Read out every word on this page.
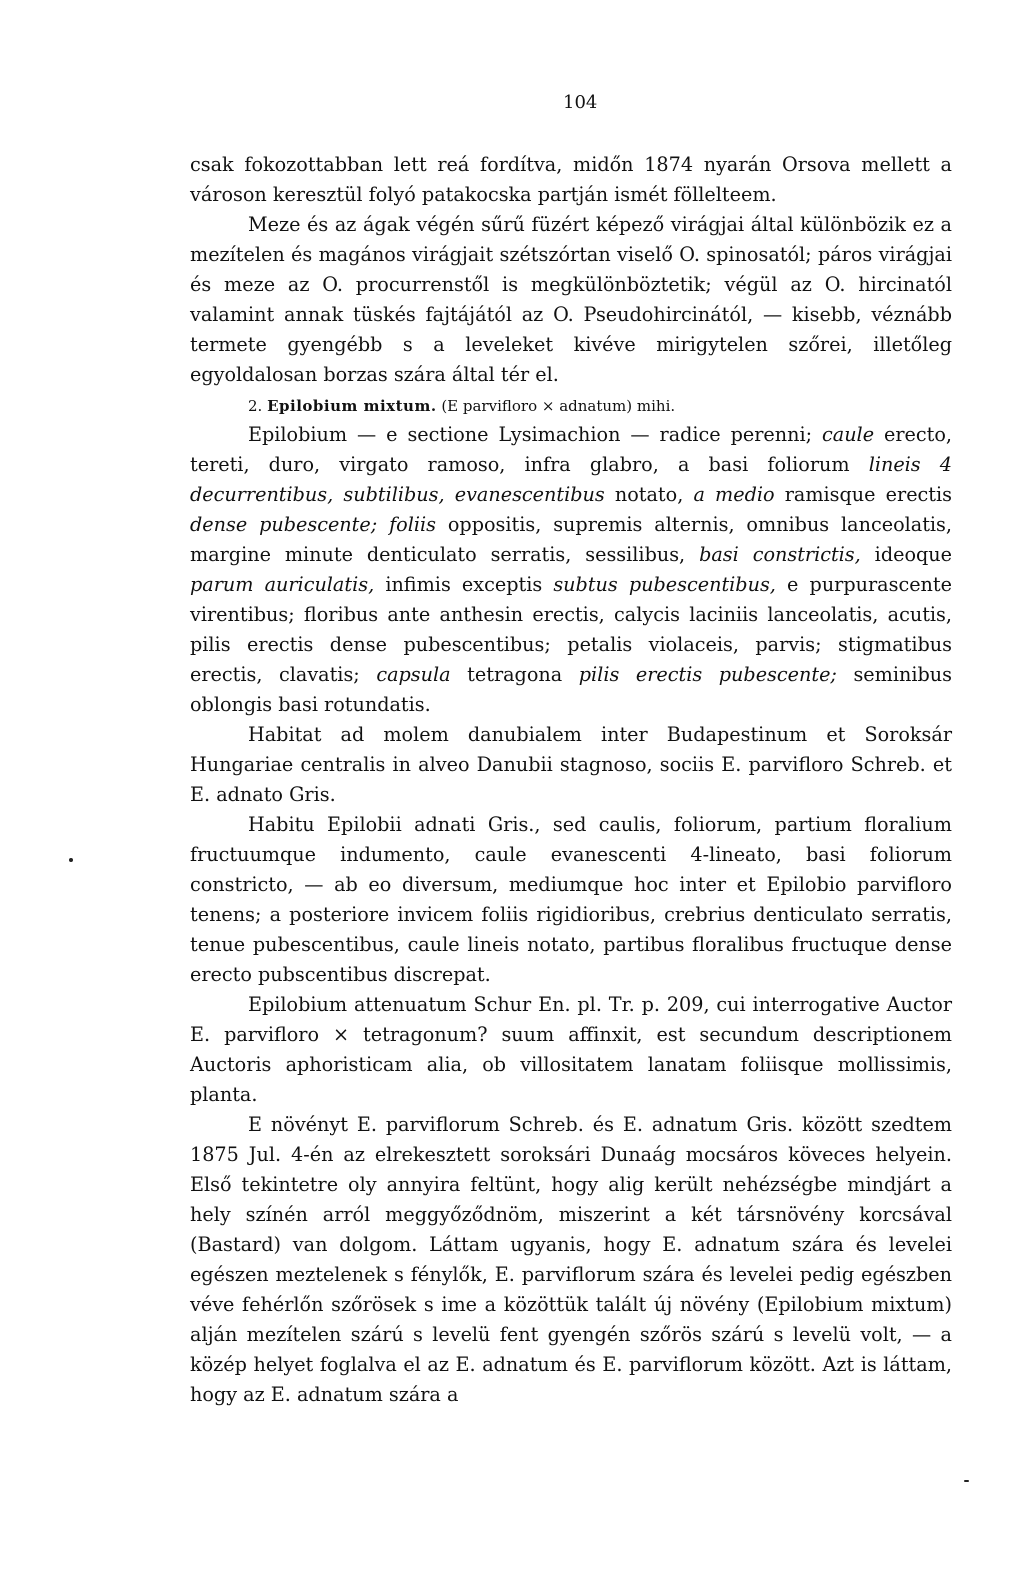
104

csak fokozottabban lett reá fordítva, midőn 1874 nyarán Orsova mellett a városon keresztül folyó patakocska partján ismét föllelteem.

Meze és az ágak végén sűrű füzért képező virágjai által különbözik ez a mezítelen és magános virágjait szétszórtan viselő O. spinosatól; páros virágjai és meze az O. procurrenstől is megkülönböztetik; végül az O. hircinatól valamint annak tüskés fajtájától az O. Pseudohircinától, — kisebb, véznább termete gyengébb s a leveleket kivéve mirigytelen szőrei, illetőleg egyoldalosan borzas szára által tér el.

2. Epilobium mixtum. (E parvifloro × adnatum) mihi.

Epilobium — e sectione Lysimachion — radice perenni; caule erecto, tereti, duro, virgato ramoso, infra glabro, a basi foliorum lineis 4 decurrentibus, subtilibus, evanescentibus notato, a medio ramisque erectis dense pubescente; foliis oppositis, supremis alternis, omnibus lanceolatis, margine minute denticulato serratis, sessilibus, basi constrictis, ideoque parum auriculatis, infimis exceptis subtus pubescentibus, e purpurascente virentibus; floribus ante anthesin erectis, calycis laciniis lanceolatis, acutis, pilis erectis dense pubescentibus; petalis violaceis, parvis; stigmatibus erectis, clavatis; capsula tetragona pilis erectis pubescente; seminibus oblongis basi rotundatis.

Habitat ad molem danubialem inter Budapestinum et Soroksár Hungariae centralis in alveo Danubii stagnoso, sociis E. parvifloro Schreb. et E. adnato Gris.

Habitu Epilobii adnati Gris., sed caulis, foliorum, partium floralium fructuumque indumento, caule evanescenti 4-lineato, basi foliorum constricto, — ab eo diversum, mediumque hoc inter et Epilobio parvifloro tenens; a posteriore invicem foliis rigidioribus, crebrius denticulato serratis, tenue pubescentibus, caule lineis notato, partibus floralibus fructuque dense erecto pubscentibus discrepat.

Epilobium attenuatum Schur En. pl. Tr. p. 209, cui interrogative Auctor E. parvifloro × tetragonum? suum affinxit, est secundum descriptionem Auctoris aphoristicam alia, ob villositatem lanatam foliisque mollissimis, planta.

E növényt E. parviflorum Schreb. és E. adnatum Gris. között szedtem 1875 Jul. 4-én az elrekesztett soroksári Dunaág mocsáros köveces helyein. Első tekintetre oly annyira feltünt, hogy alig került nehézségbe mindjárt a hely színén arról meggyőződnöm, miszerint a két társnövény korcsával (Bastard) van dolgom. Láttam ugyanis, hogy E. adnatum szára és levelei egészen meztelenek s fénylők, E. parviflorum szára és levelei pedig egészben véve fehérlőn szőrösek s ime a közöttük talált új növény (Epilobium mixtum) alján mezítelen szárú s levelü fent gyengén szőrös szárú s levelü volt, — a közép helyet foglalva el az E. adnatum és E. parviflorum között. Azt is láttam, hogy az E. adnatum szára a
